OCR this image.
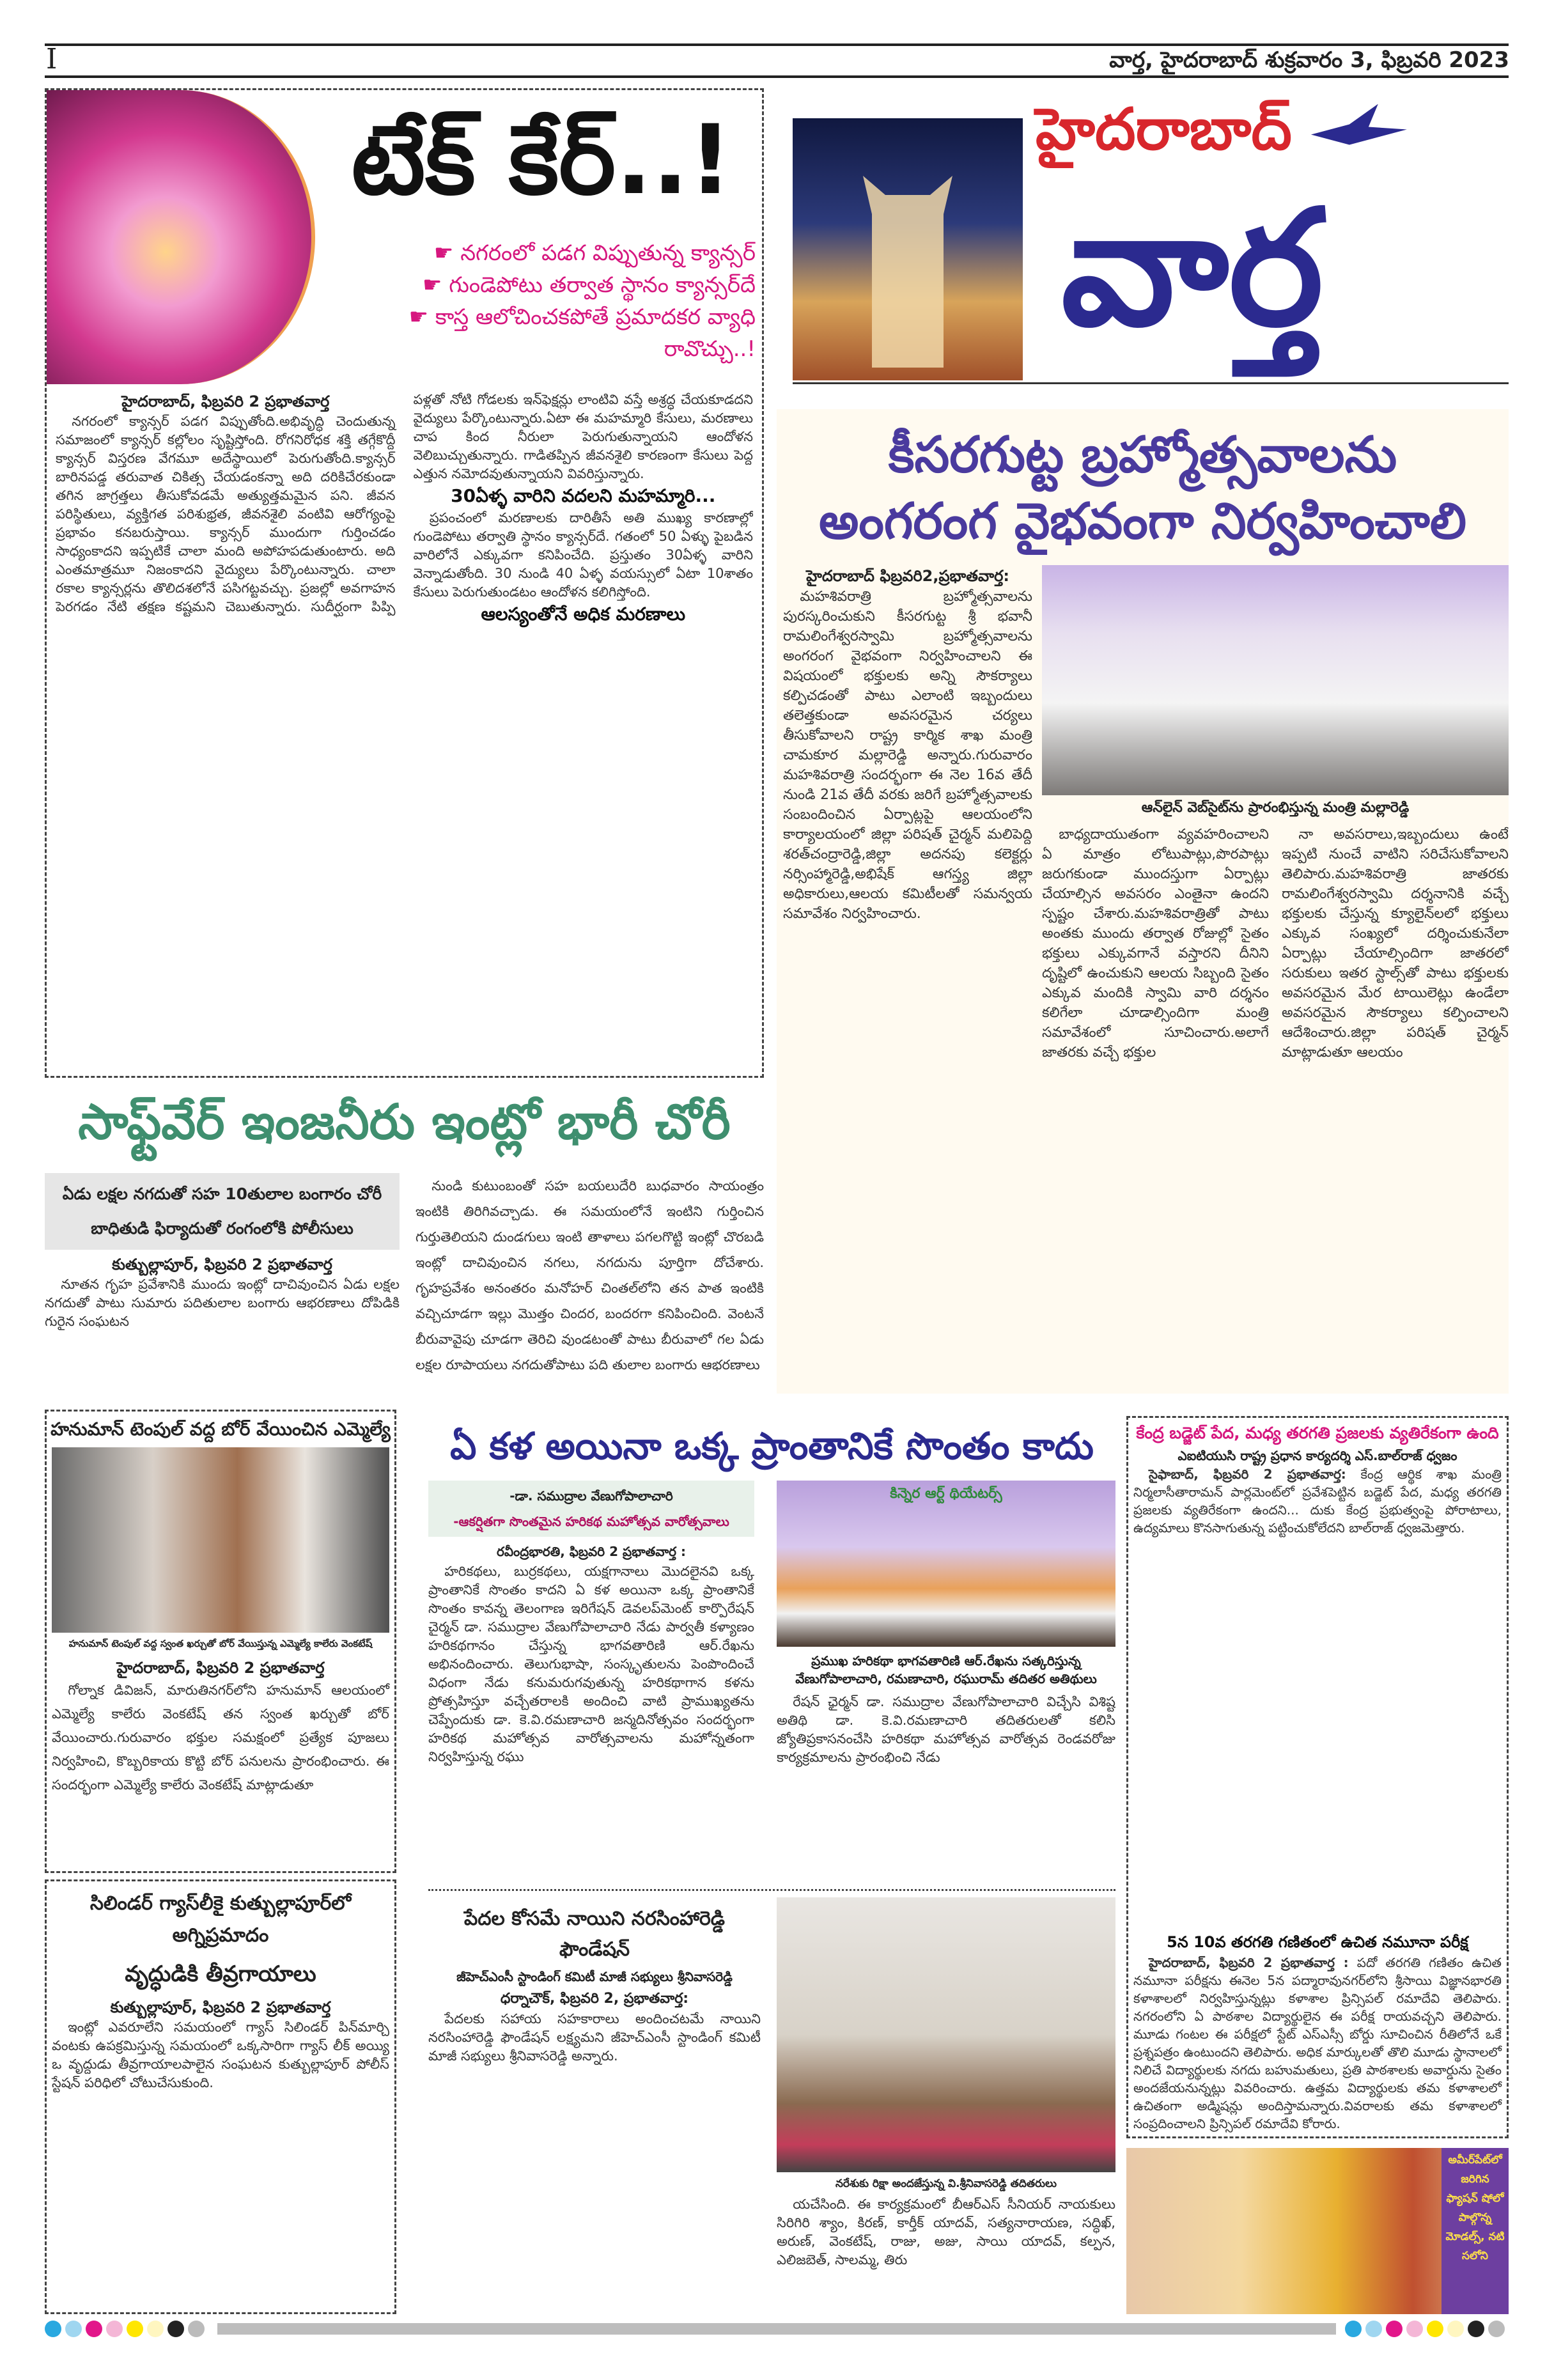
I	వార్త, హైదరాబాద్ శుక్రవారం 3, ఫిబ్రవరి 2023
టేక్ కేర్..!
☛ నగరంలో పడగ విప్పుతున్న క్యాన్సర్
☛ గుండెపోటు తర్వాత స్థానం క్యాన్సర్‌దే
☛ కాస్త ఆలోచించకపోతే ప్రమాదకర వ్యాధి రావొచ్చు..!
హైదరాబాద్, ఫిబ్రవరి 2 ప్రభాతవార్త

నగరంలో క్యాన్సర్ పడగ విప్పుతోంది.అభివృద్ధి చెందుతున్న సమాజంలో క్యాన్సర్ కల్లోలం సృష్టిస్తోంది. రోగనిరోధక శక్తి తగ్గేకొద్దీ క్యాన్సర్ విస్తరణ వేగమూ అదేస్థాయిలో పెరుగుతోంది.క్యాన్సర్ బారినపడ్డ తరువాత చికిత్స చేయడంకన్నా అది దరికిచేరకుండా తగిన జాగ్రత్తలు తీసుకోవడమే అత్యుత్తమమైన పని. జీవన పరిస్థితులు, వ్యక్తిగత పరిశుభ్రత, జీవనశైలి వంటివి ఆరోగ్యంపై ప్రభావం కనబరుస్తాయి. క్యాన్సర్ ముందుగా గుర్తించడం సాధ్యంకాదని ఇప్పటికే చాలా మంది అపోహపడుతుంటారు. అది ఎంతమాత్రమూ నిజంకాదని వైద్యులు పేర్కొంటున్నారు. చాలా రకాల క్యాన్సర్లను తొలిదశలోనే పసిగట్టవచ్చు. ప్రజల్లో అవగాహన పెరగడం నేటి తక్షణ కష్టమని చెబుతున్నారు. సుదీర్ఘంగా పిప్పి పళ్లతో నోటి గోడలకు ఇన్‌ఫెక్షన్లు లాంటివి వస్తే అశ్రద్ధ చేయకూడదని వైద్యులు పేర్కొంటున్నారు.ఏటా ఈ మహమ్మారి కేసులు, మరణాలు చాప కింద నీరులా పెరుగుతున్నాయని ఆందోళన వెలిబుచ్చుతున్నారు. గాడితప్పిన జీవనశైలి కారణంగా కేసులు పెద్ద ఎత్తున నమోదవుతున్నాయని వివరిస్తున్నారు.

30ఏళ్ళ వారిని వదలని మహమ్మారి...

ప్రపంచంలో మరణాలకు దారితీసే అతి ముఖ్య కారణాల్లో గుండెపోటు తర్వాతి స్థానం క్యాన్సర్‌దే. గతంలో 50 ఏళ్ళు పైబడిన వారిలోనే ఎక్కువగా కనిపించేది. ప్రస్తుతం 30ఏళ్ళ వారిని వెన్నాడుతోంది. 30 నుండి 40 ఏళ్ళ వయస్సులో ఏటా 10శాతం కేసులు పెరుగుతుండటం ఆందోళన కలిగిస్తోంది.

ఆలస్యంతోనే అధిక మరణాలు
హైదరాబాద్
వార్త
కీసరగుట్ట బ్రహ్మోత్సవాలను
అంగరంగ వైభవంగా నిర్వహించాలి
హైదరాబాద్ ఫిబ్రవరి2,ప్రభాతవార్త:

మహశివరాత్రి బ్రహ్మోత్సవాలను పురస్కరించుకుని కీసరగుట్ట శ్రీ భవానీ రామలింగేశ్వరస్వామి బ్రహ్మోత్సవాలను అంగరంగ వైభవంగా నిర్వహించాలని ఈ విషయంలో భక్తులకు అన్ని సౌకర్యాలు కల్పిచడంతో పాటు ఎలాంటి ఇబ్బందులు తలెత్తకుండా అవసరమైన చర్యలు తీసుకోవాలని రాష్ట్ర కార్మిక శాఖ మంత్రి చామకూర మల్లారెడ్డి అన్నారు.గురువారం మహశివరాత్రి సందర్భంగా ఈ నెల 16వ తేదీ నుండి 21వ తేదీ వరకు జరిగే బ్రహ్మోత్సవాలకు సంబందించిన ఏర్పాట్లపై ఆలయంలోని కార్యాలయంలో జిల్లా పరిషత్ చైర్మన్ మలిపెద్ది శరత్‌చంద్రారెడ్డి,జిల్లా అదనపు కలెక్టర్లు నర్సింహ్మారెడ్డి,అభిషేక్ ఆగస్త్య జిల్లా అధికారులు,ఆలయ కమిటీలతో సమన్వయ సమావేశం నిర్వహించారు.

ఆన్‌లైన్ వెబ్‌సైట్‌ను ప్రారంభిస్తున్న మంత్రి మల్లారెడ్డి

బాధ్యదాయుతంగా వ్యవహరించాలని ఏ మాత్రం లోటుపాట్లు,పొరపాట్లు జరుగకుండా ముందస్తుగా ఏర్పాట్లు చేయాల్సిన అవసరం ఎంతైనా ఉందని స్పష్టం చేశారు.మహశివరాత్రితో పాటు అంతకు ముందు తర్వాత రోజుల్లో సైతం భక్తులు ఎక్కువగానే వస్తారని దీనిని దృష్టిలో ఉంచుకుని ఆలయ సిబ్బంది సైతం ఎక్కువ మందికి స్వామి వారి దర్శనం కలిగేలా చూడాల్సిందిగా మంత్రి సమావేశంలో సూచించారు.అలాగే జాతరకు వచ్చే భక్తుల

నా అవసరాలు,ఇబ్బందులు ఉంటే ఇప్పటి నుంచే వాటిని సరిచేసుకోవాలని తెలిపారు.మహశివరాత్రి జాతరకు రామలింగేశ్వరస్వామి దర్శనానికి వచ్చే భక్తులకు చేస్తున్న క్యూలైన్‌లలో భక్తులు ఎక్కువ సంఖ్యలో దర్శించుకునేలా ఏర్పాట్లు చేయాల్సిందిగా జాతరలో సరుకులు ఇతర స్టాల్స్‌తో పాటు భక్తులకు అవసరమైన మేర టాయిలెట్లు ఉండేలా అవసరమైన సౌకర్యాలు కల్పించాలని ఆదేశించారు.జిల్లా పరిషత్ చైర్మన్ మాట్లాడుతూ ఆలయం

సాఫ్ట్‌వేర్ ఇంజనీరు ఇంట్లో భారీ చోరీ
ఏడు లక్షల నగదుతో సహ 10తులాల బంగారం చోరీ
బాధితుడి ఫిర్యాదుతో రంగంలోకి పోలీసులు
కుత్బుల్లాపూర్, ఫిబ్రవరి 2 ప్రభాతవార్త

నూతన గృహ ప్రవేశానికి ముందు ఇంట్లో దాచివుంచిన ఏడు లక్షల నగదుతో పాటు సుమారు పదితులాల బంగారు ఆభరణాలు దోపిడికి గురైన సంఘటన

నుండి కుటుంబంతో సహ బయలుదేరి బుధవారం సాయంత్రం ఇంటికి తిరిగివచ్చాడు. ఈ సమయంలోనే ఇంటిని గుర్తించిన గుర్తుతెలియని దుండగులు ఇంటి తాళాలు పగలగొట్టి ఇంట్లో చొరబడి ఇంట్లో దాచివుంచిన నగలు, నగదును పూర్తిగా దోచేశారు. గృహప్రవేశం అనంతరం మనోహర్ చింతల్‌లోని తన పాత ఇంటికి వచ్చిచూడగా ఇల్లు మొత్తం చిందర, బందరగా కనిపించింది. వెంటనే బీరువావైపు చూడగా తెరిచి వుండటంతో పాటు బీరువాలో గల ఏడు లక్షల రూపాయలు నగదుతోపాటు పది తులాల బంగారు ఆభరణాలు

హనుమాన్ టెంపుల్ వద్ద బోర్ వేయించిన ఎమ్మెల్యే
హనుమాన్ టెంపుల్ వద్ద స్వంత ఖర్చుతో బోర్ వేయిస్తున్న ఎమ్మెల్యే కాలేరు వెంకటేష్
హైదరాబాద్, ఫిబ్రవరి 2 ప్రభాతవార్త

గోల్నాక డివిజన్, మారుతినగర్‌లోని హనుమాన్ ఆలయంలో ఎమ్మెల్యే కాలేరు వెంకటేష్ తన స్వంత ఖర్చుతో బోర్ వేయించారు.గురువారం భక్తుల సమక్షంలో ప్రత్యేక పూజలు నిర్వహించి, కొబ్బరికాయ కొట్టి బోర్ పనులను ప్రారంభించారు. ఈ సందర్భంగా ఎమ్మెల్యే కాలేరు వెంకటేష్ మాట్లాడుతూ

సిలిండర్ గ్యాస్‌లీకై కుత్బుల్లాపూర్‌లో అగ్నిప్రమాదం
వృద్ధుడికి తీవ్రగాయాలు
కుత్బుల్లాపూర్, ఫిబ్రవరి 2 ప్రభాతవార్త

ఇంట్లో ఎవరూలేని సమయంలో గ్యాస్ సిలిండర్ పిన్‌మార్చి వంటకు ఉపక్రమిస్తున్న సమయంలో ఒక్కసారిగా గ్యాస్ లీక్ అయ్యి ఒ వృద్దుడు తీవ్రగాయాలపాలైన సంఘటన కుత్బుల్లాపూర్ పోలీస్ స్టేషన్ పరిధిలో చోటుచేసుకుంది.

ఏ కళ అయినా ఒక్క ప్రాంతానికే సొంతం కాదు
-డా. సముద్రాల వేణుగోపాలాచారి
-ఆకర్షితగా సొంతమైన హరికథ మహోత్సవ వారోత్సవాలు
రవీంద్రభారతి, ఫిబ్రవరి 2 ప్రభాతవార్త :

హరికథలు, బుర్రకథలు, యక్షగానాలు మొదలైనవి ఒక్క ప్రాంతానికే సొంతం కాదని ఏ కళ అయినా ఒక్క ప్రాంతానికే సొంతం కావన్న తెలంగాణ ఇరిగేషన్ డెవలప్‌మెంట్ కార్పొరేషన్ చైర్మన్ డా. సముద్రాల వేణుగోపాలాచారి నేడు పార్వతీ కళ్యాణం హరికథగానం చేస్తున్న భాగవతారిణి ఆర్.రేఖను అభినందించారు. తెలుగుభాషా, సంస్కృతులను పెంపొందించే విధంగా నేడు కనుమరుగవుతున్న హరికథాగాన కళను ప్రోత్సహిస్తూ వచ్చేతరాలకి అందించి వాటి ప్రాముఖ్యతను చెప్పేందుకు డా. కె.వి.రమణాచారి జన్మదినోత్సవం సందర్భంగా హరికథ మహోత్సవ వారోత్సవాలను మహోన్నతంగా నిర్వహిస్తున్న రఘు

కిన్నెర ఆర్ట్ థియేటర్స్
ప్రముఖ హరికథా భాగవతారిణి ఆర్.రేఖను సత్కరిస్తున్న వేణుగోపాలాచారి, రమణాచారి, రఘురామ్ తదితర అతిథులు

రేషన్ ఛైర్మన్ డా. సముద్రాల వేణుగోపాలాచారి విచ్చేసి విశిష్ట అతిథి డా. కె.వి.రమణాచారి తదితరులతో కలిసి జ్యోతిప్రకాసనంచేసి హరికథా మహోత్సవ వారోత్సవ రెండవరోజు కార్యక్రమాలను ప్రారంభించి నేడు

పేదల కోసమే నాయిని నరసింహారెడ్డి ఫౌండేషన్
జీహెచ్ఎంసీ స్టాండింగ్ కమిటీ మాజీ సభ్యులు శ్రీనివాసరెడ్డి
ధర్నాచౌక్, ఫిబ్రవరి 2, ప్రభాతవార్త:

పేదలకు సహాయ సహకారాలు అందించటమే నాయిని నరసింహారెడ్డి ఫౌండేషన్ లక్ష్యమని జీహెచ్ఎంసీ స్టాండింగ్ కమిటీ మాజీ సభ్యులు శ్రీనివాసరెడ్డి అన్నారు.

నరేశుకు రిక్షా అందజేస్తున్న వి.శ్రీనివాసరెడ్డి తదితరులు

యచేసింది. ఈ కార్యక్రమంలో బీఆర్ఎస్ సీనియర్ నాయకులు సిరిగిరి శ్యాం, కిరణ్, కార్తీక్ యాదవ్, సత్యనారాయణ, సద్ధిఖ్, అరుణ్, వెంకటేష్, రాజు, అజు, సాయి యాదవ్, కల్పన, ఎలిజబెత్, సాలమ్మ, తిరు

కేంద్ర బడ్జెట్ పేద, మధ్య తరగతి ప్రజలకు వ్యతిరేకంగా ఉంది
ఎఐటియుసి రాష్ట్ర ప్రధాన కార్యదర్శి ఎస్.బాల్‌రాజ్ ధ్వజం

సైఫాబాద్, ఫిబ్రవరి 2 ప్రభాతవార్త: కేంద్ర ఆర్థిక శాఖ మంత్రి నిర్మలాసీతారామన్ పార్లమెంట్‌లో ప్రవేశపెట్టిన బడ్జెట్ పేద, మధ్య తరగతి ప్రజలకు వ్యతిరేకంగా ఉందని... దుకు కేంద్ర ప్రభుత్వంపై పోరాటాలు, ఉద్యమాలు కొనసాగుతున్న పట్టించుకోలేదని బాల్‌రాజ్ ధ్వజమెత్తారు.

5న 10వ తరగతి గణితంలో ఉచిత నమూనా పరీక్ష

హైదరాబాద్, ఫిబ్రవరి 2 ప్రభాతవార్త : పదో తరగతి గణితం ఉచిత నమూనా పరీక్షను ఈనెల 5న పద్మారావునగర్‌లోని శ్రీసాయి విజ్ఞానభారతి కళాశాలలో నిర్వహిస్తున్నట్లు కళాశాల ప్రిన్సిపల్ రమాదేవి తెలిపారు. నగరంలోని ఏ పాఠశాల విద్యార్థులైన ఈ పరీక్ష రాయవచ్చని తెలిపారు. మూడు గంటల ఈ పరీక్షలో స్టేట్ ఎస్ఎస్సీ బోర్డు సూచించిన రీతిలోనే ఒకే ప్రశ్నపత్రం ఉంటుందని తెలిపారు. అధిక మార్కులతో తొలి మూడు స్థానాలలో నిలిచే విద్యార్థులకు నగదు బహుమతులు, ప్రతి పాఠశాలకు అవార్డును సైతం అందజేయనున్నట్లు వివరించారు. ఉత్తమ విద్యార్థులకు తమ కళాశాలలో ఉచితంగా అడ్మిషన్లు అందిస్తామన్నారు.వివరాలకు తమ కళాశాలలో సంప్రదించాలని ప్రిన్సిపల్ రమాదేవి కోరారు.

అమీర్‌పేట్‌లో జరిగిన ఫ్యాషన్ షోలో పాల్గొన్న మోడల్స్, నటి సలోని
